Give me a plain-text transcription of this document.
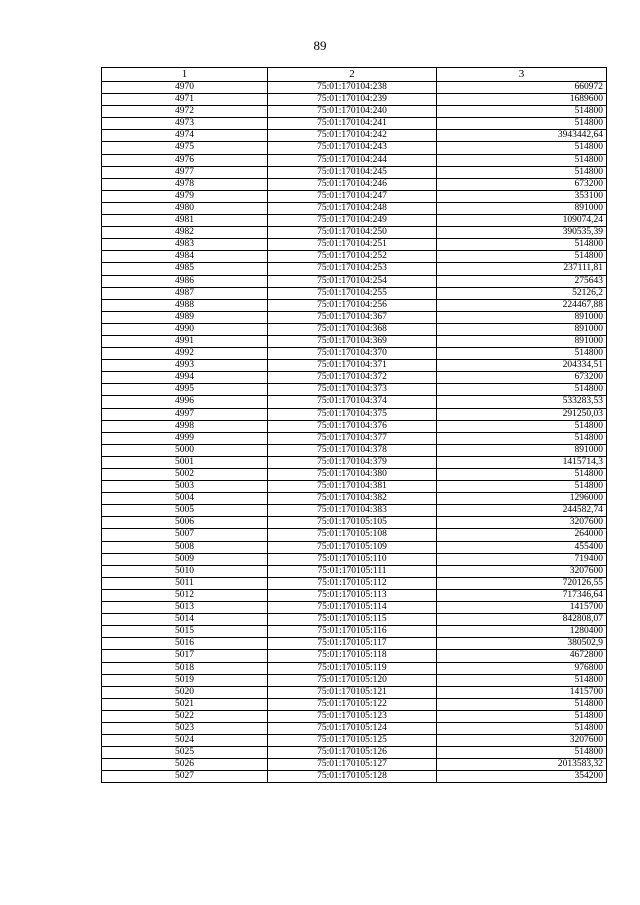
89
1	2	3
4970	75:01:170104:238	660972
4971	75:01:170104:239	1689600
4972	75:01:170104:240	514800
4973	75:01:170104:241	514800
4974	75:01:170104:242	3943442,64
4975	75:01:170104:243	514800
4976	75:01:170104:244	514800
4977	75:01:170104:245	514800
4978	75:01:170104:246	673200
4979	75:01:170104:247	353100
4980	75:01:170104:248	891000
4981	75:01:170104:249	109074,24
4982	75:01:170104:250	390535,39
4983	75:01:170104:251	514800
4984	75:01:170104:252	514800
4985	75:01:170104:253	237111,81
4986	75:01:170104:254	275643
4987	75:01:170104:255	52126,2
4988	75:01:170104:256	224467,88
4989	75:01:170104:367	891000
4990	75:01:170104:368	891000
4991	75:01:170104:369	891000
4992	75:01:170104:370	514800
4993	75:01:170104:371	204334,51
4994	75:01:170104:372	673200
4995	75:01:170104:373	514800
4996	75:01:170104:374	533283,53
4997	75:01:170104:375	291250,03
4998	75:01:170104:376	514800
4999	75:01:170104:377	514800
5000	75:01:170104:378	891000
5001	75:01:170104:379	1415714,3
5002	75:01:170104:380	514800
5003	75:01:170104:381	514800
5004	75:01:170104:382	1296000
5005	75:01:170104:383	244582,74
5006	75:01:170105:105	3207600
5007	75:01:170105:108	264000
5008	75:01:170105:109	455400
5009	75:01:170105:110	719400
5010	75:01:170105:111	3207600
5011	75:01:170105:112	720126,55
5012	75:01:170105:113	717346,64
5013	75:01:170105:114	1415700
5014	75:01:170105:115	842808,07
5015	75:01:170105:116	1280400
5016	75:01:170105:117	380502,9
5017	75:01:170105:118	4672800
5018	75:01:170105:119	976800
5019	75:01:170105:120	514800
5020	75:01:170105:121	1415700
5021	75:01:170105:122	514800
5022	75:01:170105:123	514800
5023	75:01:170105:124	514800
5024	75:01:170105:125	3207600
5025	75:01:170105:126	514800
5026	75:01:170105:127	2013583,32
5027	75:01:170105:128	354200
